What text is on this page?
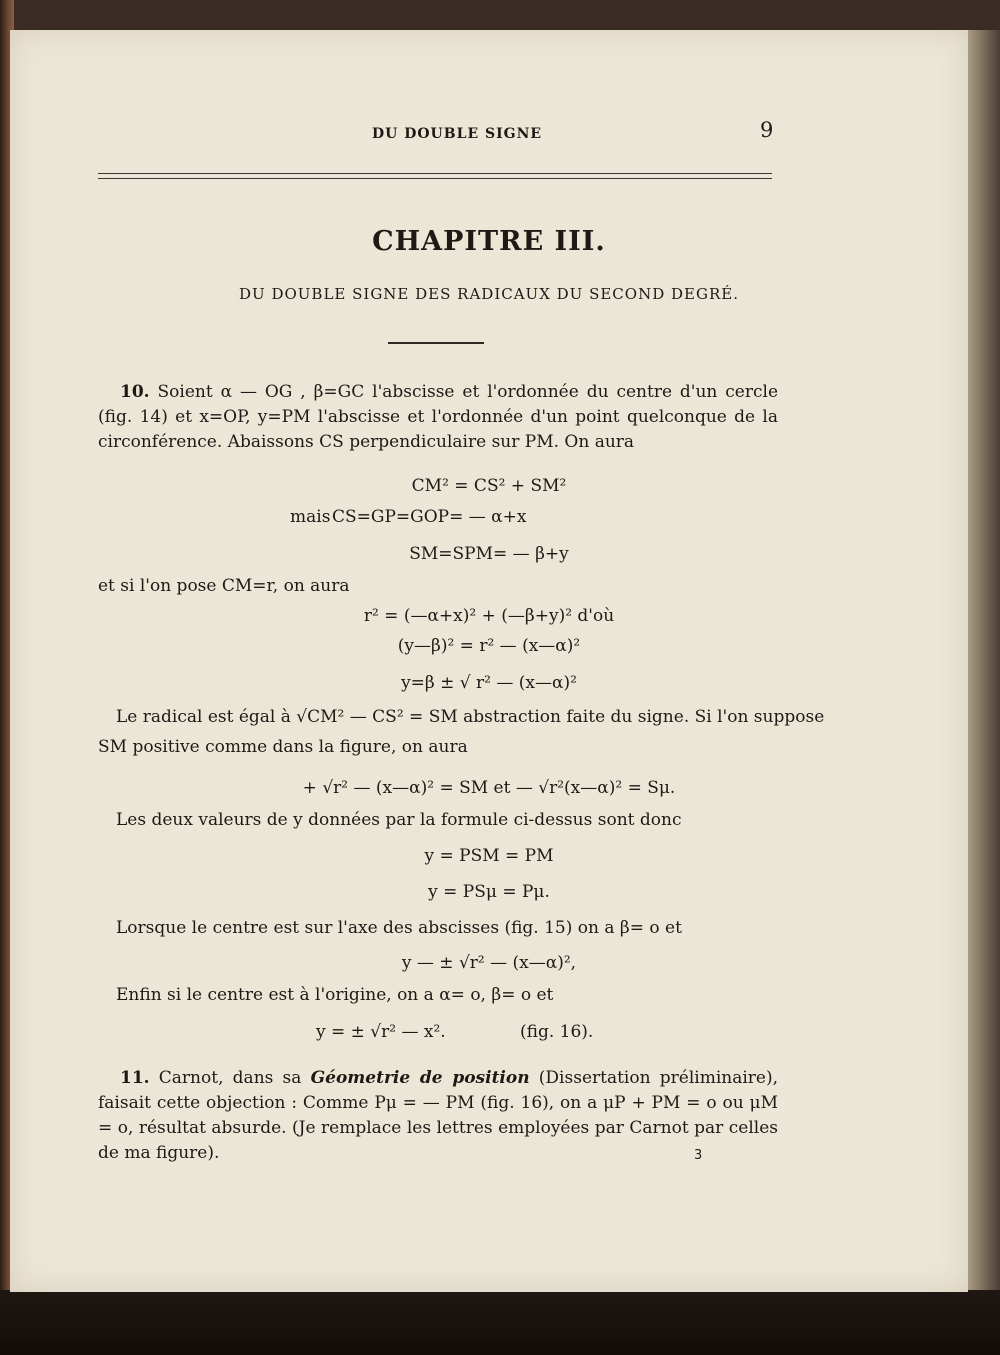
DU DOUBLE SIGNE	9
CHAPITRE III.
DU DOUBLE SIGNE DES RADICAUX DU SECOND DEGRÉ.
10. Soient α — OG , β=GC l'abscisse et l'ordonnée du centre d'un cercle (fig. 14) et x=OP, y=PM l'abscisse et l'ordonnée d'un point quelconque de la circonférence. Abaissons CS perpendiculaire sur PM. On aura
CM² = CS² + SM²
mais CS=GP=GOP= — α+x
SM=SPM= — β+y
et si l'on pose CM=r, on aura
r² = (—α+x)² + (—β+y)² d'où
(y—β)² = r² — (x—α)²
y=β ± √ r² — (x—α)²
Le radical est égal à √CM² — CS² = SM abstraction faite du signe. Si l'on suppose
SM positive comme dans la figure, on aura
+ √r² — (x—α)² = SM et — √r²(x—α)² = Sμ.
Les deux valeurs de y données par la formule ci-dessus sont donc
y = PSM = PM
y = PSμ = Pμ.
Lorsque le centre est sur l'axe des abscisses (fig. 15) on a β= o et
y — ± √r² — (x—α)²,
Enfin si le centre est à l'origine, on a α= o, β= o et
y = ± √r² — x².	(fig. 16).
11. Carnot, dans sa Géometrie de position (Dissertation préliminaire), faisait cette objection : Comme Pμ = — PM (fig. 16), on a μP + PM = o ou μM = o, résultat absurde. (Je remplace les lettres employées par Carnot par celles de ma figure).	3
